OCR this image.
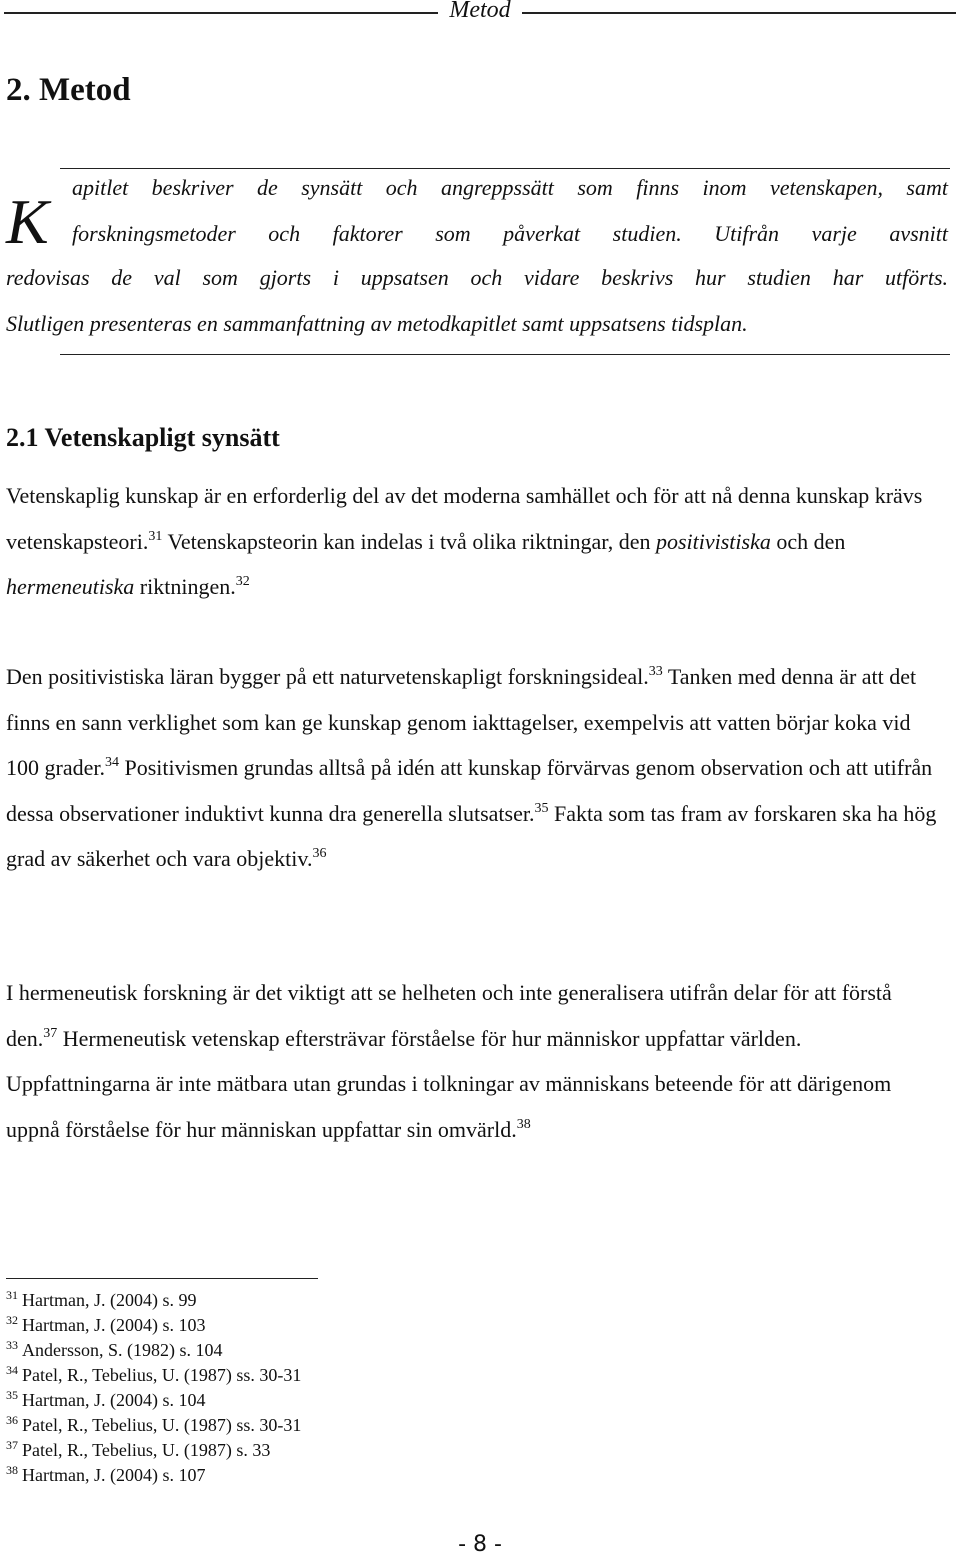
Metod
2. Metod
K apitlet beskriver de synsätt och angreppssätt som finns inom vetenskapen, samt
forskningsmetoder och faktorer som påverkat studien. Utifrån varje avsnitt
redovisas de val som gjorts i uppsatsen och vidare beskrivs hur studien har utförts.
Slutligen presenteras en sammanfattning av metodkapitlet samt uppsatsens tidsplan.
2.1 Vetenskapligt synsätt

Vetenskaplig kunskap är en erforderlig del av det moderna samhället och för att nå denna kunskap krävs vetenskapsteori.$^{31}$ Vetenskapsteorin kan indelas i två olika riktningar, den positivistiska och den hermeneutiska riktningen.$^{32}$

Den positivistiska läran bygger på ett naturvetenskapligt forskningsideal.$^{33}$ Tanken med denna är att det finns en sann verklighet som kan ge kunskap genom iakttagelser, exempelvis att vatten börjar koka vid 100 grader.$^{34}$ Positivismen grundas alltså på idén att kunskap förvärvas genom observation och att utifrån dessa observationer induktivt kunna dra generella slutsatser.$^{35}$ Fakta som tas fram av forskaren ska ha hög grad av säkerhet och vara objektiv.$^{36}$

I hermeneutisk forskning är det viktigt att se helheten och inte generalisera utifrån delar för att förstå den.$^{37}$ Hermeneutisk vetenskap eftersträvar förståelse för hur människor uppfattar världen. Uppfattningarna är inte mätbara utan grundas i tolkningar av människans beteende för att därigenom uppnå förståelse för hur människan uppfattar sin omvärld.$^{38}$

$^{31}$ Hartman, J. (2004) s. 99
$^{32}$ Hartman, J. (2004) s. 103
$^{33}$ Andersson, S. (1982) s. 104
$^{34}$ Patel, R., Tebelius, U. (1987) ss. 30-31
$^{35}$ Hartman, J. (2004) s. 104
$^{36}$ Patel, R., Tebelius, U. (1987) ss. 30-31
$^{37}$ Patel, R., Tebelius, U. (1987) s. 33
$^{38}$ Hartman, J. (2004) s. 107
- 8 -
